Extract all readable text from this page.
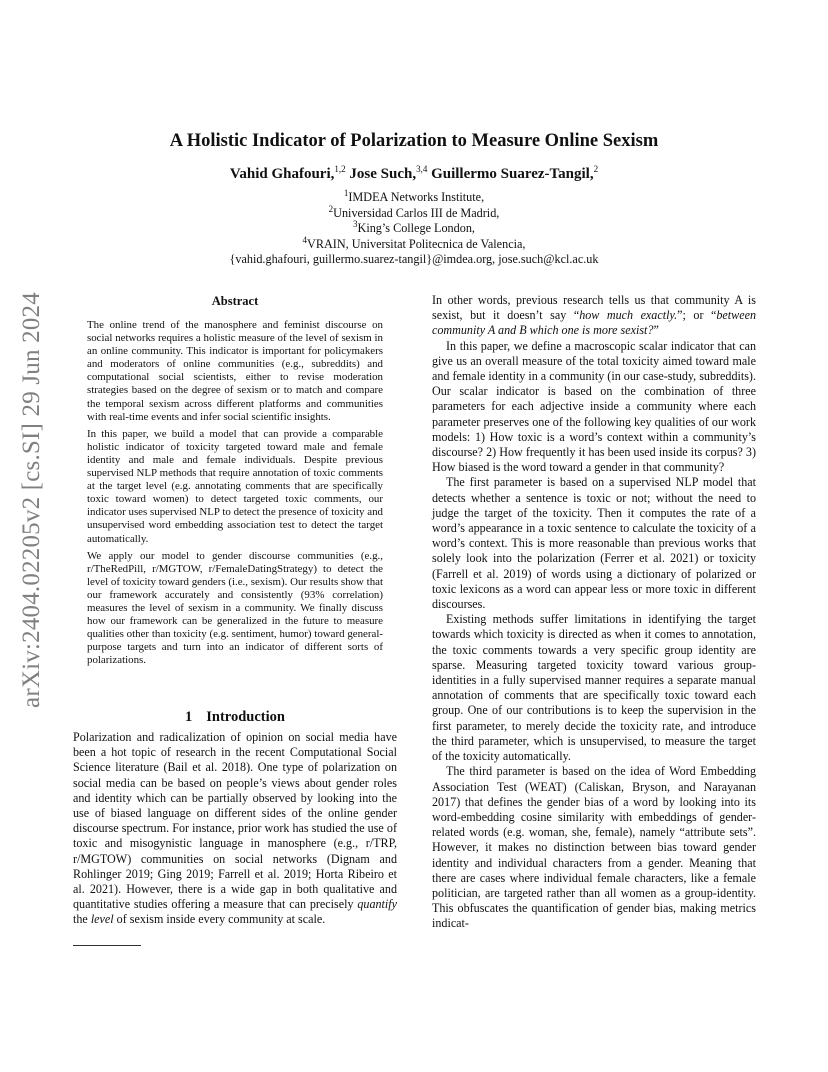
arXiv:2404.02205v2 [cs.SI] 29 Jun 2024
A Holistic Indicator of Polarization to Measure Online Sexism
Vahid Ghafouri,$^{1,2}$ Jose Such,$^{3,4}$ Guillermo Suarez-Tangil,$^2$
$^1$IMDEA Networks Institute,
$^2$Universidad Carlos III de Madrid,
$^3$King’s College London,
$^4$VRAIN, Universitat Politecnica de Valencia,
{vahid.ghafouri, guillermo.suarez-tangil}@imdea.org, jose.such@kcl.ac.uk
Abstract

The online trend of the manosphere and feminist discourse on social networks requires a holistic measure of the level of sexism in an online community. This indicator is important for policymakers and moderators of online communities (e.g., subreddits) and computational social scientists, either to revise moderation strategies based on the degree of sexism or to match and compare the temporal sexism across different platforms and communities with real-time events and infer social scientific insights.

In this paper, we build a model that can provide a comparable holistic indicator of toxicity targeted toward male and female identity and male and female individuals. Despite previous supervised NLP methods that require annotation of toxic comments at the target level (e.g. annotating comments that are specifically toxic toward women) to detect targeted toxic comments, our indicator uses supervised NLP to detect the presence of toxicity and unsupervised word embedding association test to detect the target automatically.

We apply our model to gender discourse communities (e.g., r/TheRedPill, r/MGTOW, r/FemaleDatingStrategy) to detect the level of toxicity toward genders (i.e., sexism). Our results show that our framework accurately and consistently (93% correlation) measures the level of sexism in a community. We finally discuss how our framework can be generalized in the future to measure qualities other than toxicity (e.g. sentiment, humor) toward general-purpose targets and turn into an indicator of different sorts of polarizations.

1 Introduction

Polarization and radicalization of opinion on social media have been a hot topic of research in the recent Computational Social Science literature (Bail et al. 2018). One type of polarization on social media can be based on people’s views about gender roles and identity which can be partially observed by looking into the use of biased language on different sides of the online gender discourse spectrum. For instance, prior work has studied the use of toxic and misogynistic language in manosphere (e.g., r/TRP, r/MGTOW) communities on social networks (Dignam and Rohlinger 2019; Ging 2019; Farrell et al. 2019; Horta Ribeiro et al. 2021). However, there is a wide gap in both qualitative and quantitative studies offering a measure that can precisely quantify the level of sexism inside every community at scale.

In other words, previous research tells us that community A is sexist, but it doesn’t say “how much exactly.”; or “between community A and B which one is more sexist?”

In this paper, we define a macroscopic scalar indicator that can give us an overall measure of the total toxicity aimed toward male and female identity in a community (in our case-study, subreddits). Our scalar indicator is based on the combination of three parameters for each adjective inside a community where each parameter preserves one of the following key qualities of our work models: 1) How toxic is a word’s context within a community’s discourse? 2) How frequently it has been used inside its corpus? 3) How biased is the word toward a gender in that community?

The first parameter is based on a supervised NLP model that detects whether a sentence is toxic or not; without the need to judge the target of the toxicity. Then it computes the rate of a word’s appearance in a toxic sentence to calculate the toxicity of a word’s context. This is more reasonable than previous works that solely look into the polarization (Ferrer et al. 2021) or toxicity (Farrell et al. 2019) of words using a dictionary of polarized or toxic lexicons as a word can appear less or more toxic in different discourses.

Existing methods suffer limitations in identifying the target towards which toxicity is directed as when it comes to annotation, the toxic comments towards a very specific group identity are sparse. Measuring targeted toxicity toward various group-identities in a fully supervised manner requires a separate manual annotation of comments that are specifically toxic toward each group. One of our contributions is to keep the supervision in the first parameter, to merely decide the toxicity rate, and introduce the third parameter, which is unsupervised, to measure the target of the toxicity automatically.

The third parameter is based on the idea of Word Embedding Association Test (WEAT) (Caliskan, Bryson, and Narayanan 2017) that defines the gender bias of a word by looking into its word-embedding cosine similarity with embeddings of gender-related words (e.g. woman, she, female), namely “attribute sets”. However, it makes no distinction between bias toward gender identity and individual characters from a gender. Meaning that there are cases where individual female characters, like a female politician, are targeted rather than all women as a group-identity. This obfuscates the quantification of gender bias, making metrics indicat-
